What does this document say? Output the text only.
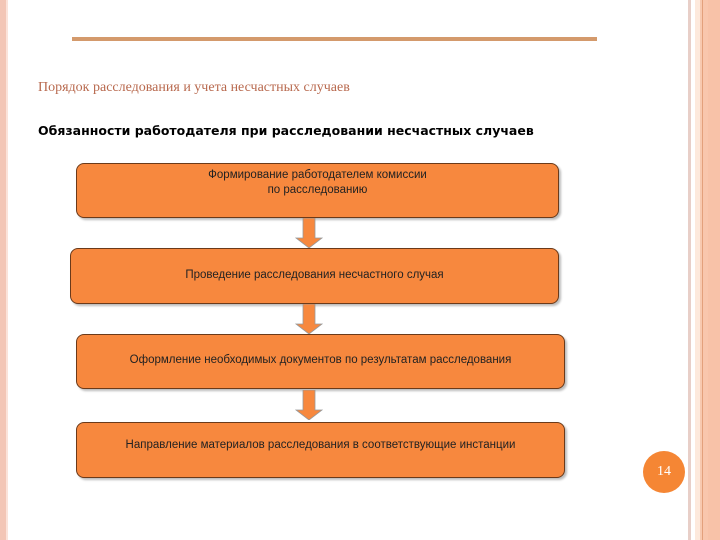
Порядок расследования и учета несчастных случаев
Обязанности работодателя при расследовании несчастных случаев
Формирование работодателем комиссии
по расследованию
Проведение расследования несчастного случая
Оформление необходимых документов по результатам расследования
Направление материалов расследования в соответствующие инстанции
14
